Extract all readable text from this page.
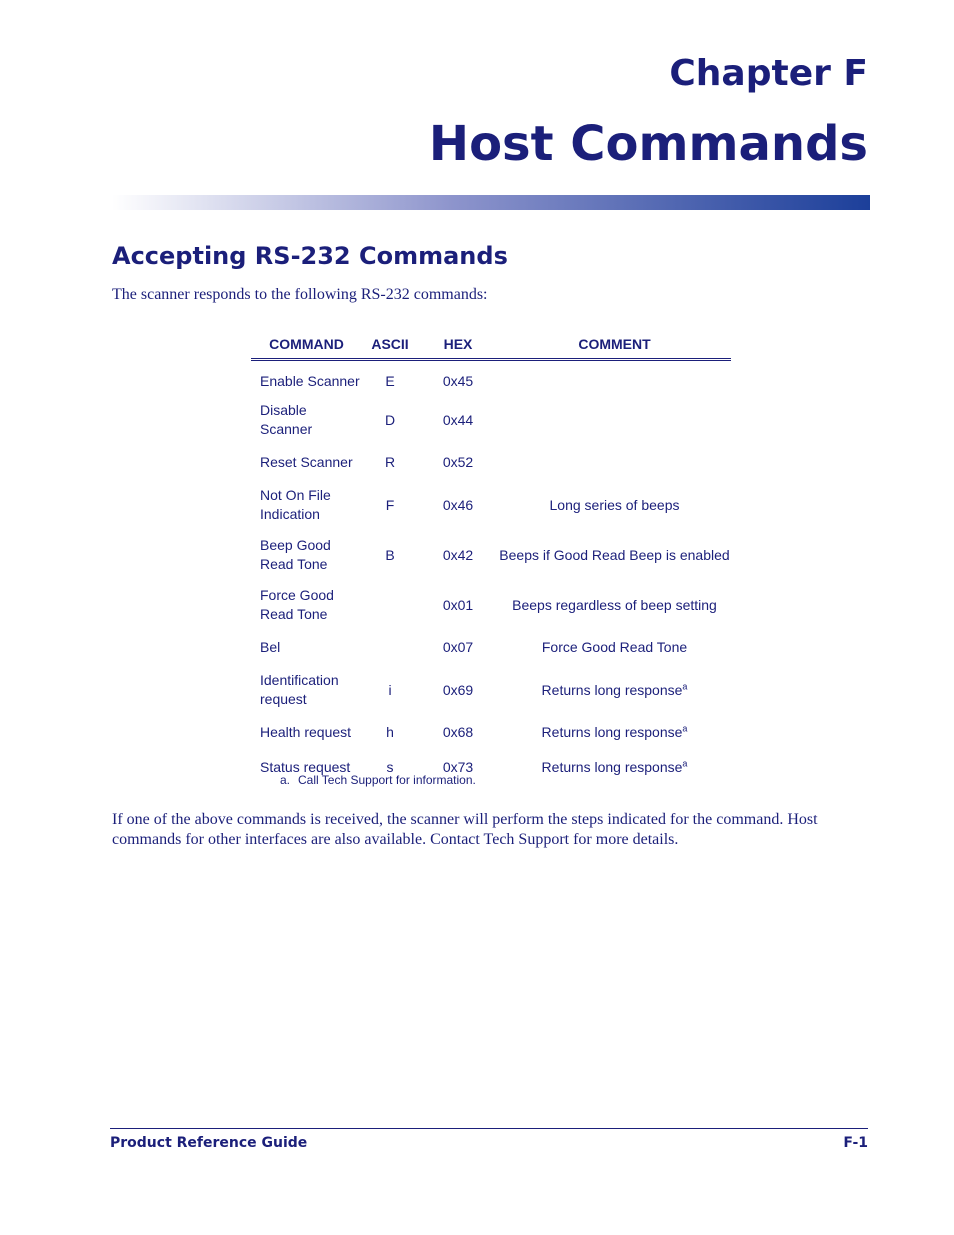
Chapter F
Host Commands
Accepting RS-232 Commands
The scanner responds to the following RS-232 commands:
COMMAND	ASCII	HEX	COMMENT

Enable Scanner	E	0x45	

Disable
Scanner	D	0x44	

Reset Scanner	R	0x52	

Not On File
Indication	F	0x46	Long series of beeps

Beep Good
Read Tone	B	0x42	Beeps if Good Read Beep is enabled

Force Good
Read Tone		0x01	Beeps regardless of beep setting

Bel		0x07	Force Good Read Tone

Identification
request	i	0x69	Returns long response$^a$

Health request	h	0x68	Returns long response$^a$

Status request	s	0x73	Returns long response$^a$
a. Call Tech Support for information.
If one of the above commands is received, the scanner will perform the steps indicated for the command. Host commands for other interfaces are also available. Contact Tech Support for more details.
Product Reference Guide	F-1
